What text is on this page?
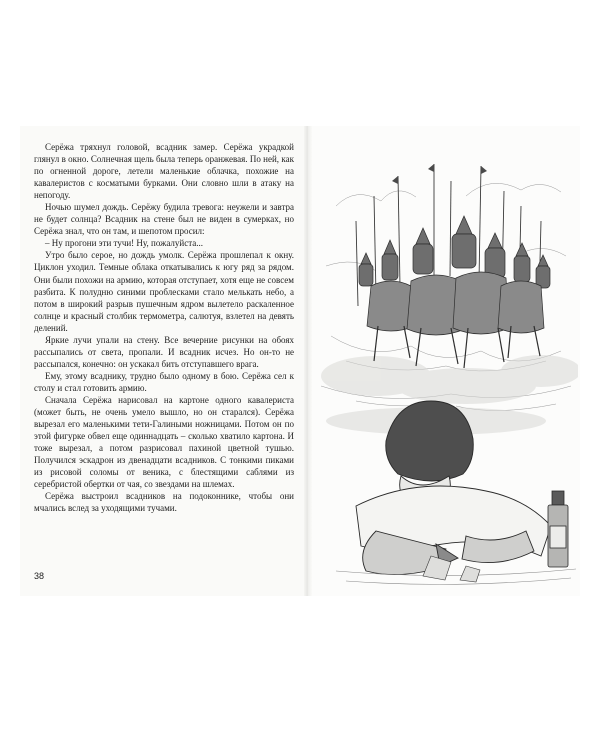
Серёжа тряхнул головой, всадник замер. Серёжа украдкой глянул в окно. Солнечная щель была теперь оранжевая. По ней, как по огненной дороге, летели маленькие облачка, похожие на кавалеристов с косматыми бурками. Они словно шли в атаку на непогоду.

Ночью шумел дождь. Серёжу будила тревога: неужели и завтра не будет солнца? Всадник на стене был не виден в сумерках, но Серёжа знал, что он там, и шепотом просил:

– Ну прогони эти тучи! Ну, пожалуйста...

Утро было серое, но дождь умолк. Серёжа прошлепал к окну. Циклон уходил. Темные облака откатывались к югу ряд за рядом. Они были похожи на армию, которая отступает, хотя еще не совсем разбита. К полудню синими проблесками стало мелькать небо, а потом в широкий разрыв пушечным ядром вылетело раскаленное солнце и красный столбик термометра, салютуя, взлетел на девять делений.

Яркие лучи упали на стену. Все вечерние рисунки на обоях рассыпались от света, пропали. И всадник исчез. Но он-то не рассыпался, конечно: он ускакал бить отступавшего врага.

Ему, этому всаднику, трудно было одному в бою. Серёжа сел к столу и стал готовить армию.

Сначала Серёжа нарисовал на картоне одного кавалериста (может быть, не очень умело вышло, но он старался). Серёжа вырезал его маленькими тети-Галиными ножницами. Потом он по этой фигурке обвел еще одиннадцать – сколько хватило картона. И тоже вырезал, а потом разрисовал пахиной цветной тушью. Получился эскадрон из двенадцати всадников. С тонкими пиками из рисовой соломы от веника, с блестящими саблями из серебристой обертки от чая, со звездами на шлемах.

Серёжа выстроил всадников на подоконнике, чтобы они мчались вслед за уходящими тучами.

38
